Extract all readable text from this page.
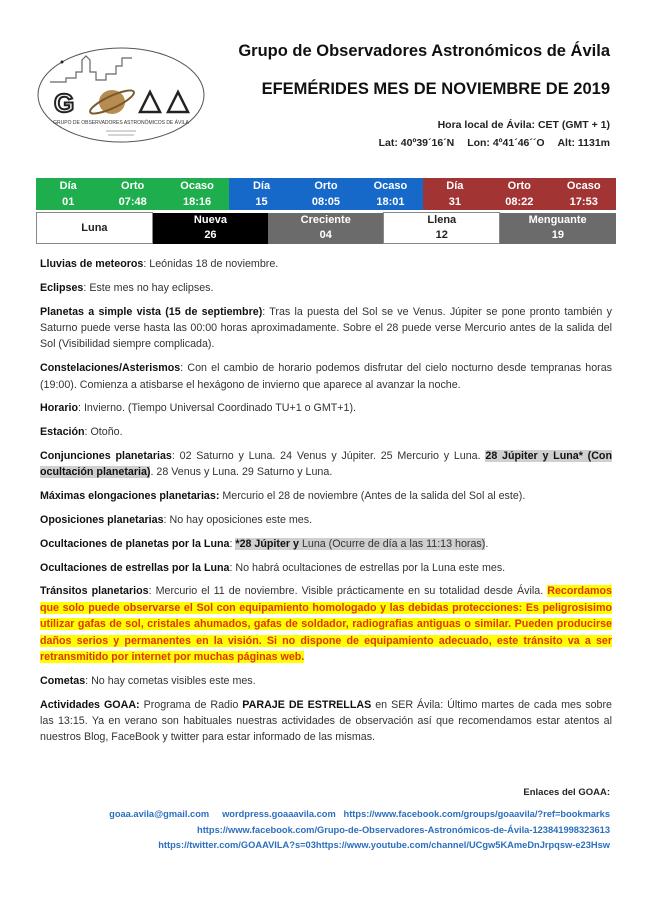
G
GRUPO DE OBSERVADORES ASTRONÓMICOS DE ÁVILA
Grupo de Observadores Astronómicos de Ávila
EFEMÉRIDES MES DE NOVIEMBRE DE 2019
Hora local de Ávila: CET (GMT + 1)
Lat: 40º39´16´N Lon: 4º41´46´´O Alt: 1131m
Día	Orto	Ocaso	Día	Orto	Ocaso	Día	Orto	Ocaso
01	07:48	18:16	15	08:05	18:01	31	08:22	17:53
Luna	Nueva	Creciente	Llena	Menguante
	26	04	12	19

Lluvias de meteoros: Leónidas 18 de noviembre.

Eclipses: Este mes no hay eclipses.

Planetas a simple vista (15 de septiembre): Tras la puesta del Sol se ve Venus. Júpiter se pone pronto también y Saturno puede verse hasta las 00:00 horas aproximadamente. Sobre el 28 puede verse Mercurio antes de la salida del Sol (Visibilidad siempre complicada).

Constelaciones/Asterismos: Con el cambio de horario podemos disfrutar del cielo nocturno desde tempranas horas (19:00). Comienza a atisbarse el hexágono de invierno que aparece al avanzar la noche.

Horario: Invierno. (Tiempo Universal Coordinado TU+1 o GMT+1).

Estación: Otoño.

Conjunciones planetarias: 02 Saturno y Luna. 24 Venus y Júpiter. 25 Mercurio y Luna. 28 Júpiter y Luna* (Con ocultación planetaria). 28 Venus y Luna. 29 Saturno y Luna.

Máximas elongaciones planetarias: Mercurio el 28 de noviembre (Antes de la salida del Sol al este).

Oposiciones planetarias: No hay oposiciones este mes.

Ocultaciones de planetas por la Luna: *28 Júpiter y Luna (Ocurre de día a las 11:13 horas).

Ocultaciones de estrellas por la Luna: No habrá ocultaciones de estrellas por la Luna este mes.

Tránsitos planetarios: Mercurio el 11 de noviembre. Visible prácticamente en su totalidad desde Ávila. Recordamos que solo puede observarse el Sol con equipamiento homologado y las debidas protecciones: Es peligrosisimo utilizar gafas de sol, cristales ahumados, gafas de soldador, radiografias antiguas o similar. Pueden producirse daños serios y permanentes en la visión. Si no dispone de equipamiento adecuado, este tránsito va a ser retransmitido por internet por muchas páginas web.

Cometas: No hay cometas visibles este mes.

Actividades GOAA: Programa de Radio PARAJE DE ESTRELLAS en SER Ávila: Último martes de cada mes sobre las 13:15. Ya en verano son habituales nuestras actividades de observación así que recomendamos estar atentos al nuestros Blog, FaceBook y twitter para estar informado de las mismas.

Enlaces del GOAA:
goaa.avila@gmail.com wordpress.goaaavila.com https://www.facebook.com/groups/goaavila/?ref=bookmarks
https://www.facebook.com/Grupo-de-Observadores-Astronómicos-de-Ávila-123841998323613
https://twitter.com/GOAAVILA?s=03https://www.youtube.com/channel/UCgw5KAmeDnJrpqsw-e23Hsw
